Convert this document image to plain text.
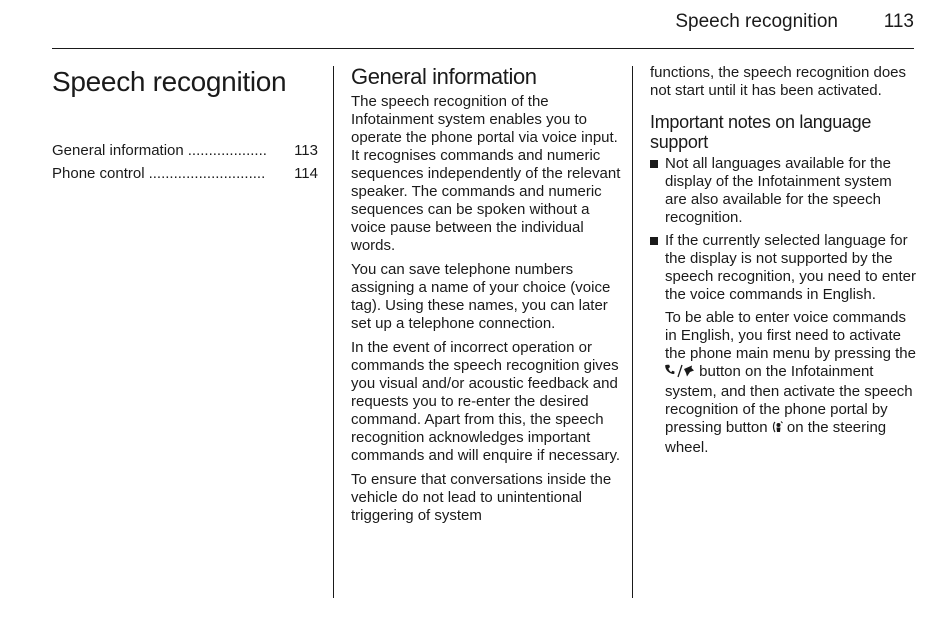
Speech recognition 113
Speech recognition
General information ...................	113
Phone control ............................	114
General information

The speech recognition of the Infotainment system enables you to operate the phone portal via voice input. It recognises commands and numeric sequences independently of the relevant speaker. The commands and numeric sequences can be spoken without a voice pause between the individual words.

You can save telephone numbers assigning a name of your choice (voice tag). Using these names, you can later set up a telephone connection.

In the event of incorrect operation or commands the speech recognition gives you visual and/or acoustic feedback and requests you to re-enter the desired command. Apart from this, the speech recognition acknowledges important commands and will enquire if necessary.

To ensure that conversations inside the vehicle do not lead to unintentional triggering of system

functions, the speech recognition does not start until it has been activated.

Important notes on language support
Not all languages available for the display of the Infotainment system are also available for the speech recognition.
If the currently selected language for the display is not supported by the speech recognition, you need to enter the voice commands in English.

To be able to enter voice commands in English, you first need to activate the phone main menu by pressing the  button on the Infotainment system, and then activate the speech recognition of the phone portal by pressing button  on the steering wheel.
